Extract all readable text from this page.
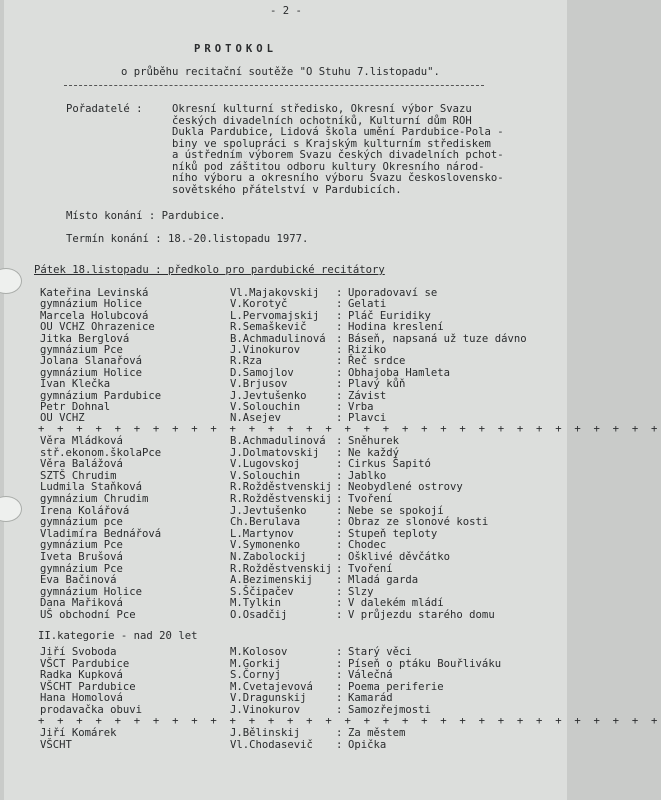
- 2 -
PROTOKOL
o průběhu recitační soutěže "O Stuhu 7.listopadu".
Pořadatelé :	Okresní kulturní středisko, Okresní výbor Svazu
českých divadelních ochotníků, Kulturní dům ROH
Dukla Pardubice, Lidová škola umění Pardubice-Pola -
biny ve spolupráci s Krajským kulturním střediskem
a ústředním výborem Svazu českých divadelních pchot-
níků pod záštitou odboru kultury Okresního národ-
ního výboru a okresního výboru Svazu československo-
sovětského přátelství v Pardubicích.
Místo konání : Pardubice.
Termín konání : 18.-20.listopadu 1977.
Pátek 18.listopadu : předkolo pro pardubické recitátory
Kateřina Levinská	Vl.Majakovskij : Uporadovaví se
gymnázium Holice	V.Korotyč	: Gelati
Marcela Holubcová	L.Pervomajskij : Pláč Euridiky
OU VCHZ Ohrazenice	R.Semaškevič	: Hodina kreslení
Jitka Berglová	B.Achmadulinová : Báseň, napsaná už tuze dávno
gymnázium Pce	J.Vinokurov	: Riziko
Jolana Slanařová	R.Rza	: Řeč srdce
gymnázium Holice	D.Samojlov	: Obhajoba Hamleta
Ivan Klečka	V.Brjusov	: Plavý kůň
gymnázium Pardubice	J.Jevtušenko	: Závist
Petr Dohnal	V.Solouchin	: Vrba
OU VCHZ	N.Asejev	: Plavci
+ + + + + + + + + + + + + + + + + + + + + + + + + + + + + + + + +
Věra Mládková	B.Achmadulinová : Sněhurek
stř.ekonom.školaPce	J.Dolmatovskij : Ne každý
Věra Balážová	V.Lugovskoj	: Cirkus Šapitó
SZTŠ Chrudim	V.Solouchin	: Jablko
Ludmila Staňková	R.Rožděstvenskij : Neobydlené ostrovy
gymnázium Chrudim	R.Rožděstvenskij : Tvoření
Irena Kolářová	J.Jevtušenko	: Nebe se spokojí
gymnázium pce	Ch.Berulava	: Obraz ze slonové kosti
Vladimíra Bednářová	L.Martynov	: Stupeň teploty
gymnázium Pce	V.Symonenko	: Chodec
Iveta Brušová	N.Zabolockij	: Ošklivé děvčátko
gymnázium Pce	R.Rožděstvenskij : Tvoření
Eva Bačinová	A.Bezimenskij : Mladá garda
gymnázium Holice	S.Ščipačev	: Slzy
Dana Mařiková	M.Tylkin	: V dalekém mládí
UŠ obchodní Pce	O.Osadčij	: V průjezdu starého domu
II.kategorie - nad 20 let
Jiří Svoboda	M.Kolosov	: Starý věci
VŠCT Pardubice	M.Gorkij	: Píseň o ptáku Bouřliváku
Radka Kupková	S.Čornyj	: Válečná
VŠCHT Pardubice	M.Cvetajevová : Poema periferie
Hana Homolová	V.Dragunskij	: Kamarád
prodavačka obuvi	J.Vinokurov	: Samozřejmosti
+ + + + + + + + + + + + + + + + + + + + + + + + + + + + + + + + +
Jiří Komárek	J.Bělinskij	: Za městem
VŠCHT	Vl.Chodasevič : Opička
